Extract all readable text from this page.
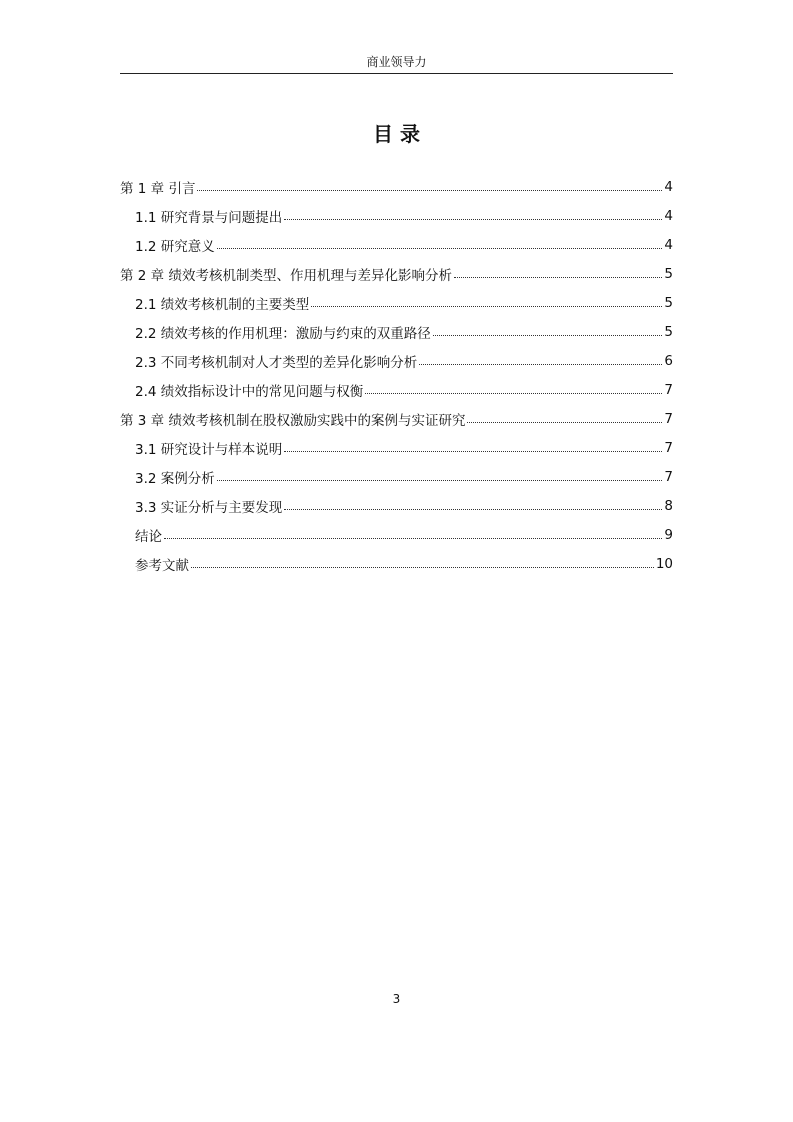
商业领导力
目 录
第 1 章 引言	4
1.1 研究背景与问题提出	4
1.2 研究意义	4
第 2 章 绩效考核机制类型、作用机理与差异化影响分析	5
2.1 绩效考核机制的主要类型	5
2.2 绩效考核的作用机理：激励与约束的双重路径	5
2.3 不同考核机制对人才类型的差异化影响分析	6
2.4 绩效指标设计中的常见问题与权衡	7
第 3 章 绩效考核机制在股权激励实践中的案例与实证研究	7
3.1 研究设计与样本说明	7
3.2 案例分析	7
3.3 实证分析与主要发现	8
结论	9
参考文献	10
3
